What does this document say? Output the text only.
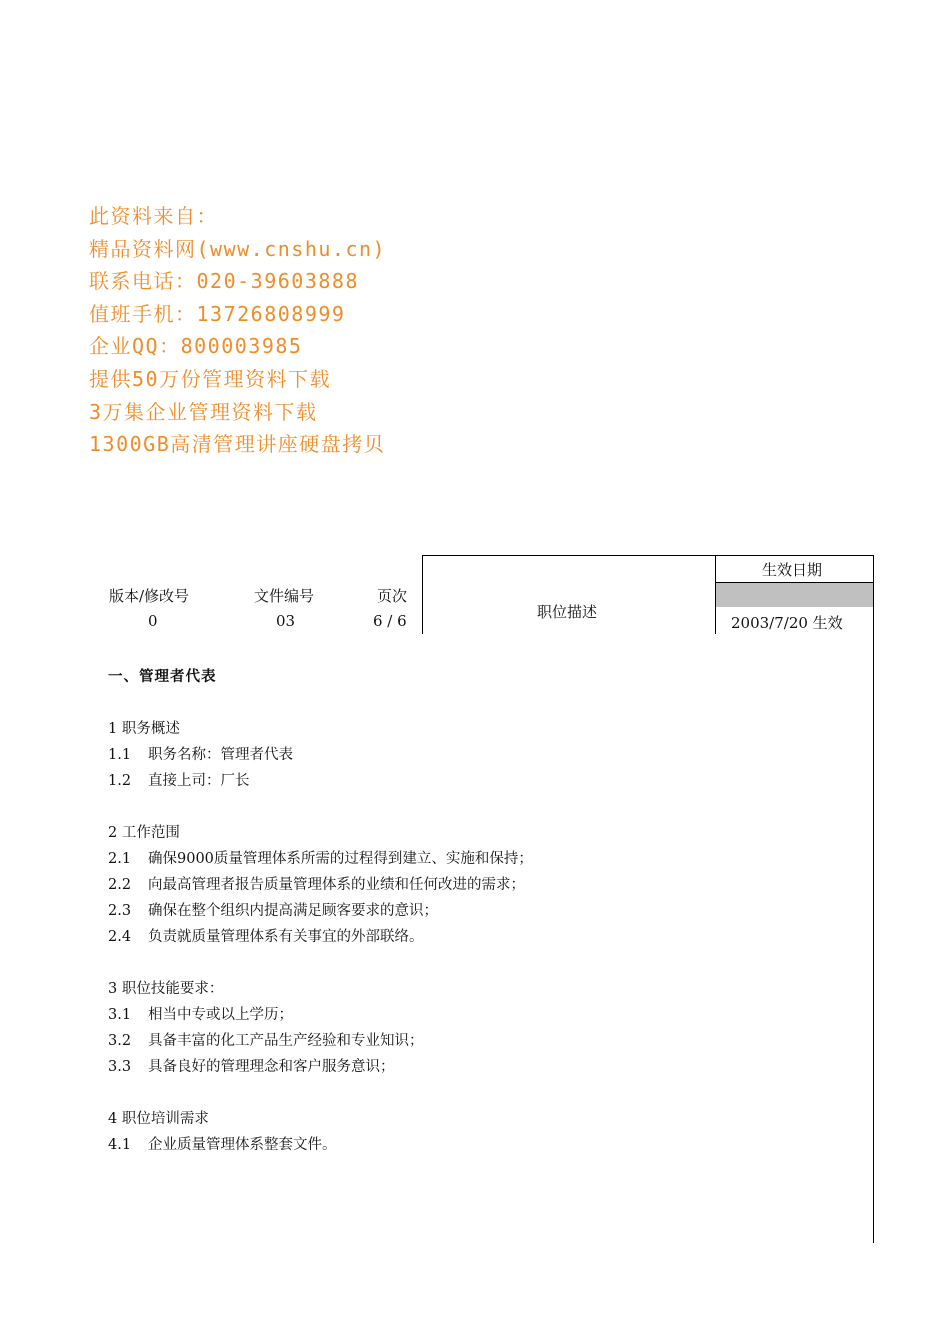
此资料来自：
精品资料网(www.cnshu.cn)
联系电话：020-39603888
值班手机：13726808999
企业QQ：800003985
提供50万份管理资料下载
3万集企业管理资料下载
1300GB高清管理讲座硬盘拷贝
版本/修改号
0
文件编号
03
页次
6 / 6	职位描述
生效日期
2003/7/20 生效
一、管理者代表
1 职务概述
1.1 职务名称：管理者代表
1.2 直接上司：厂长
2 工作范围
2.1 确保9000质量管理体系所需的过程得到建立、实施和保持；
2.2 向最高管理者报告质量管理体系的业绩和任何改进的需求；
2.3 确保在整个组织内提高满足顾客要求的意识；
2.4 负责就质量管理体系有关事宜的外部联络。
3 职位技能要求：
3.1 相当中专或以上学历；
3.2 具备丰富的化工产品生产经验和专业知识；
3.3 具备良好的管理理念和客户服务意识；
4 职位培训需求
4.1 企业质量管理体系整套文件。
